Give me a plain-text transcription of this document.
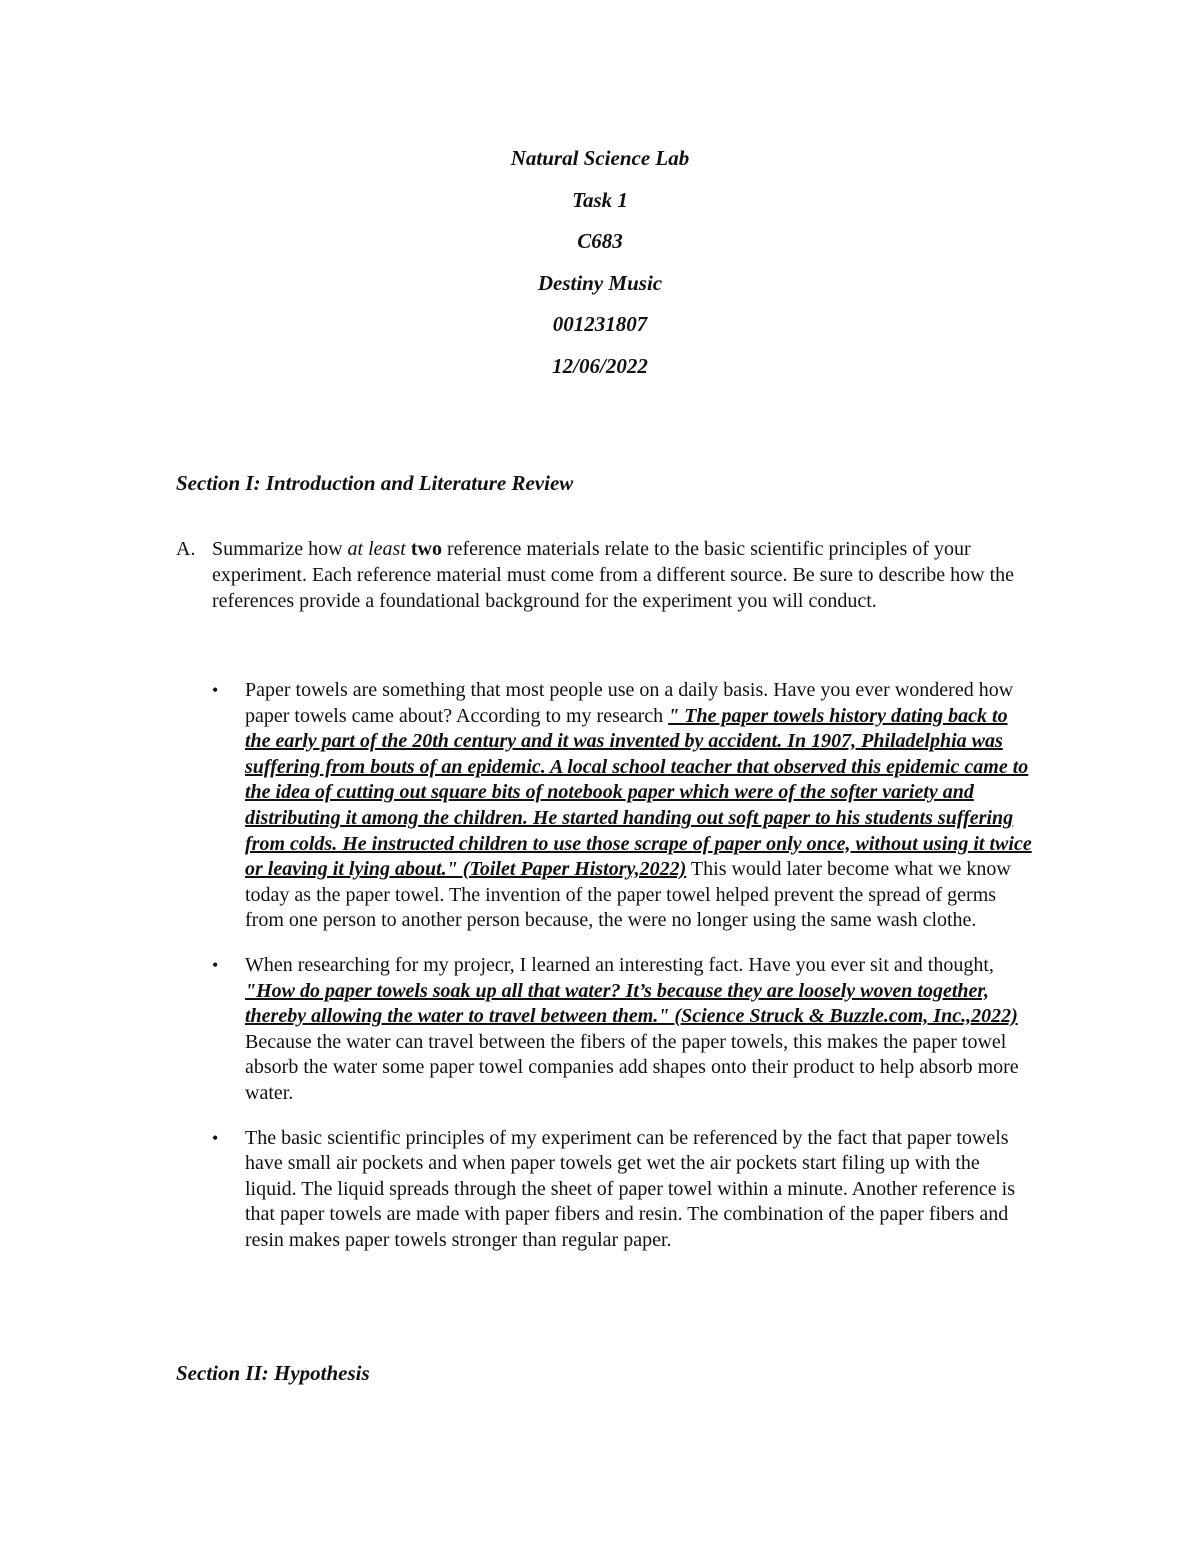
Natural Science Lab
Task 1
C683
Destiny Music
001231807
12/06/2022
Section I: Introduction and Literature Review
A. Summarize how at least two reference materials relate to the basic scientific principles of your experiment. Each reference material must come from a different source. Be sure to describe how the references provide a foundational background for the experiment you will conduct.
•	Paper towels are something that most people use on a daily basis. Have you ever wondered how paper towels came about? According to my research " The paper towels history dating back to the early part of the 20th century and it was invented by accident. In 1907, Philadelphia was suffering from bouts of an epidemic. A local school teacher that observed this epidemic came to the idea of cutting out square bits of notebook paper which were of the softer variety and distributing it among the children. He started handing out soft paper to his students suffering from colds. He instructed children to use those scrape of paper only once, without using it twice or leaving it lying about." (Toilet Paper History,2022) This would later become what we know today as the paper towel. The invention of the paper towel helped prevent the spread of germs from one person to another person because, the were no longer using the same wash clothe.
•	When researching for my projecr, I learned an interesting fact. Have you ever sit and thought, "How do paper towels soak up all that water? It’s because they are loosely woven together, thereby allowing the water to travel between them." (Science Struck & Buzzle.com, Inc.,2022) Because the water can travel between the fibers of the paper towels, this makes the paper towel absorb the water some paper towel companies add shapes onto their product to help absorb more water.
•	The basic scientific principles of my experiment can be referenced by the fact that paper towels have small air pockets and when paper towels get wet the air pockets start filing up with the liquid. The liquid spreads through the sheet of paper towel within a minute. Another reference is that paper towels are made with paper fibers and resin. The combination of the paper fibers and resin makes paper towels stronger than regular paper.
Section II: Hypothesis
